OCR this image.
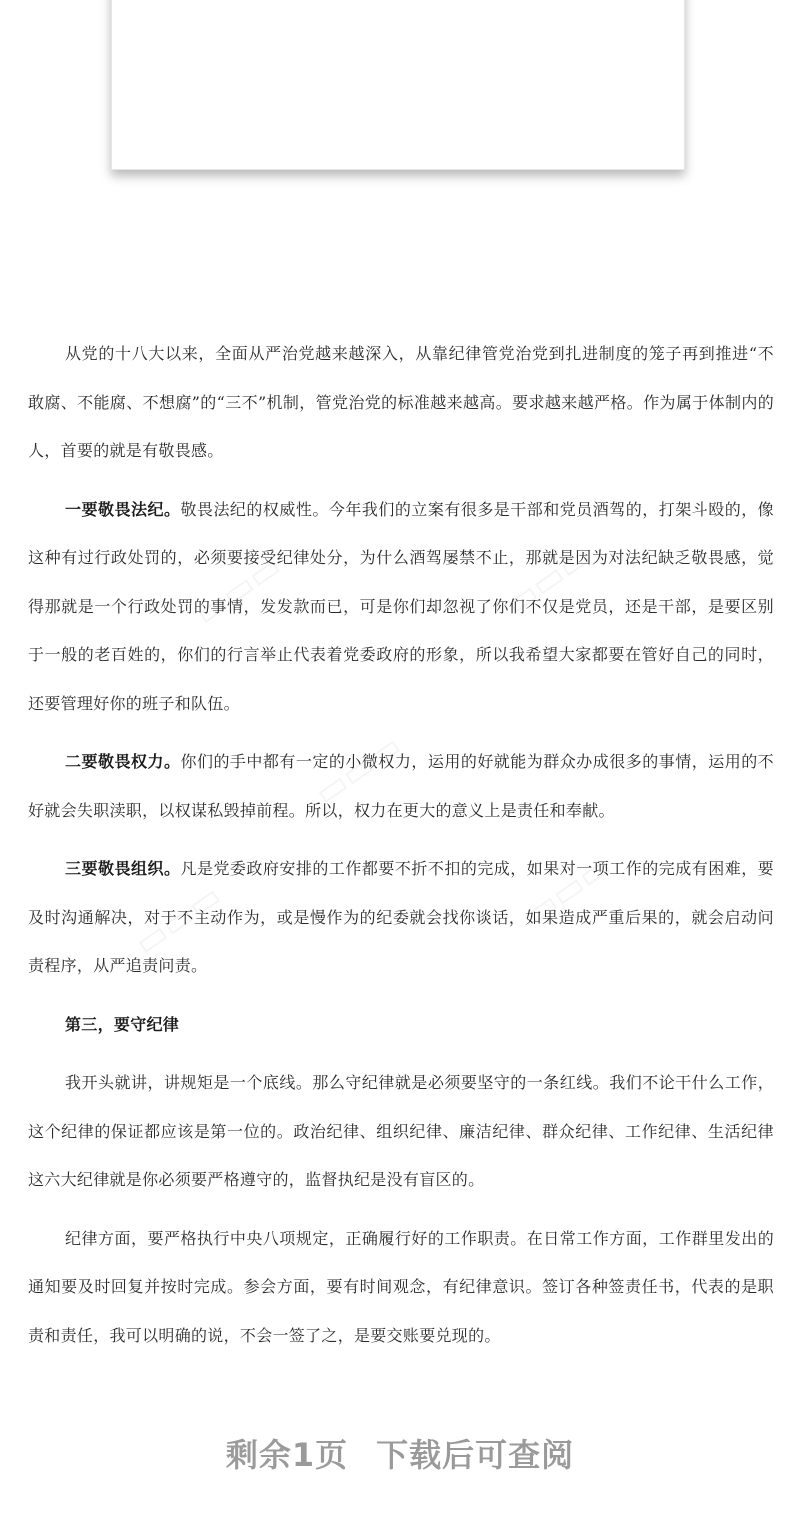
从党的十八大以来，全面从严治党越来越深入，从靠纪律管党治党到扎进制度的笼子再到推进“不敢腐、不能腐、不想腐”的“三不”机制，管党治党的标准越来越高。要求越来越严格。作为属于体制内的人，首要的就是有敬畏感。

一要敬畏法纪。敬畏法纪的权威性。今年我们的立案有很多是干部和党员酒驾的，打架斗殴的，像这种有过行政处罚的，必须要接受纪律处分，为什么酒驾屡禁不止，那就是因为对法纪缺乏敬畏感，觉得那就是一个行政处罚的事情，发发款而已，可是你们却忽视了你们不仅是党员，还是干部，是要区别于一般的老百姓的，你们的行言举止代表着党委政府的形象，所以我希望大家都要在管好自己的同时，还要管理好你的班子和队伍。

二要敬畏权力。你们的手中都有一定的小微权力，运用的好就能为群众办成很多的事情，运用的不好就会失职渎职，以权谋私毁掉前程。所以，权力在更大的意义上是责任和奉献。

三要敬畏组织。凡是党委政府安排的工作都要不折不扣的完成，如果对一项工作的完成有困难，要及时沟通解决，对于不主动作为，或是慢作为的纪委就会找你谈话，如果造成严重后果的，就会启动问责程序，从严追责问责。

第三，要守纪律

我开头就讲，讲规矩是一个底线。那么守纪律就是必须要坚守的一条红线。我们不论干什么工作，这个纪律的保证都应该是第一位的。政治纪律、组织纪律、廉洁纪律、群众纪律、工作纪律、生活纪律这六大纪律就是你必须要严格遵守的，监督执纪是没有盲区的。

纪律方面，要严格执行中央八项规定，正确履行好的工作职责。在日常工作方面，工作群里发出的通知要及时回复并按时完成。参会方面，要有时间观念，有纪律意识。签订各种签责任书，代表的是职责和责任，我可以明确的说，不会一签了之，是要交账要兑现的。

剩余1页 下载后可查阅
